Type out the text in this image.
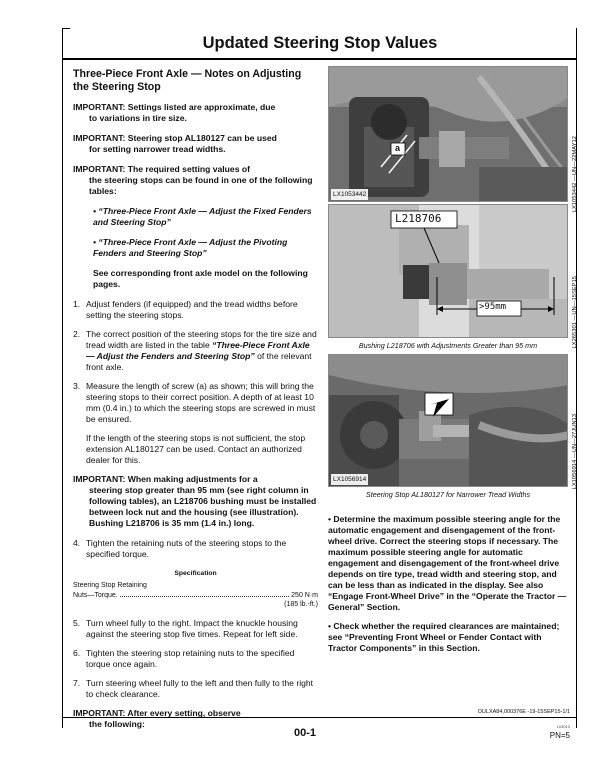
Updated Steering Stop Values
Three-Piece Front Axle — Notes on Adjusting the Steering Stop
IMPORTANT: Settings listed are approximate, due
to variations in tire size.
IMPORTANT: Steering stop AL180127 can be used
for setting narrower tread widths.
IMPORTANT: The required setting values of
the steering stops can be found in one of the following tables:
• “Three-Piece Front Axle — Adjust the Fixed Fenders and Steering Stop”
• “Three-Piece Front Axle — Adjust the Pivoting Fenders and Steering Stop”
See corresponding front axle model on the following pages.
1. Adjust fenders (if equipped) and the tread widths before setting the steering stops.
2. The correct position of the steering stops for the tire size and tread width are listed in the table “Three-Piece Front Axle — Adjust the Fenders and Steering Stop” of the relevant front axle.
3. Measure the length of screw (a) as shown; this will bring the steering stops to their correct position. A depth of at least 10 mm (0.4 in.) to which the steering stops are screwed in must be ensured.

If the length of the steering stops is not sufficient, the stop extension AL180127 can be used. Contact an authorized dealer for this.

IMPORTANT: When making adjustments for a
steering stop greater than 95 mm (see right column in following tables), an L218706 bushing must be installed between lock nut and the housing (see illustration). Bushing L218706 is 35 mm (1.4 in.) long.
4. Tighten the retaining nuts of the steering stops to the specified torque.
Specification
Steering Stop Retaining
Nuts—Torque.	250 N·m
(185 lb.-ft.)
5. Turn wheel fully to the right. Impact the knuckle housing against the steering stop five times. Repeat for left side.
6. Tighten the steering stop retaining nuts to the specified torque once again.
7. Turn steering wheel fully to the left and then fully to the right to check clearance.
IMPORTANT: After every setting, observe
the following:
a
LX1053442	LX1053442 —UN—22MAY12
L218706
>95mm	LX265301 —UN—15SEP15
Bushing L218706 with Adjustments Greater than 95 mm
LX1056914	LX1056914 —UN—27JUN13
Steering Stop AL180127 for Narrower Tread Widths
• Determine the maximum possible steering angle for the automatic engagement and disengagement of the front-wheel drive. Correct the steering stops if necessary. The maximum possible steering angle for automatic engagement and disengagement of the front-wheel drive depends on tire type, tread width and steering stop, and can be less than as indicated in the display. See also “Engage Front-Wheel Drive” in the “Operate the Tractor — General” Section.
• Check whether the required clearances are maintained; see “Preventing Front Wheel or Fender Contact with Tractor Components” in this Section.
OULXA84,000376E -19-15SEP15-1/1
00-1
103013
PN=5
